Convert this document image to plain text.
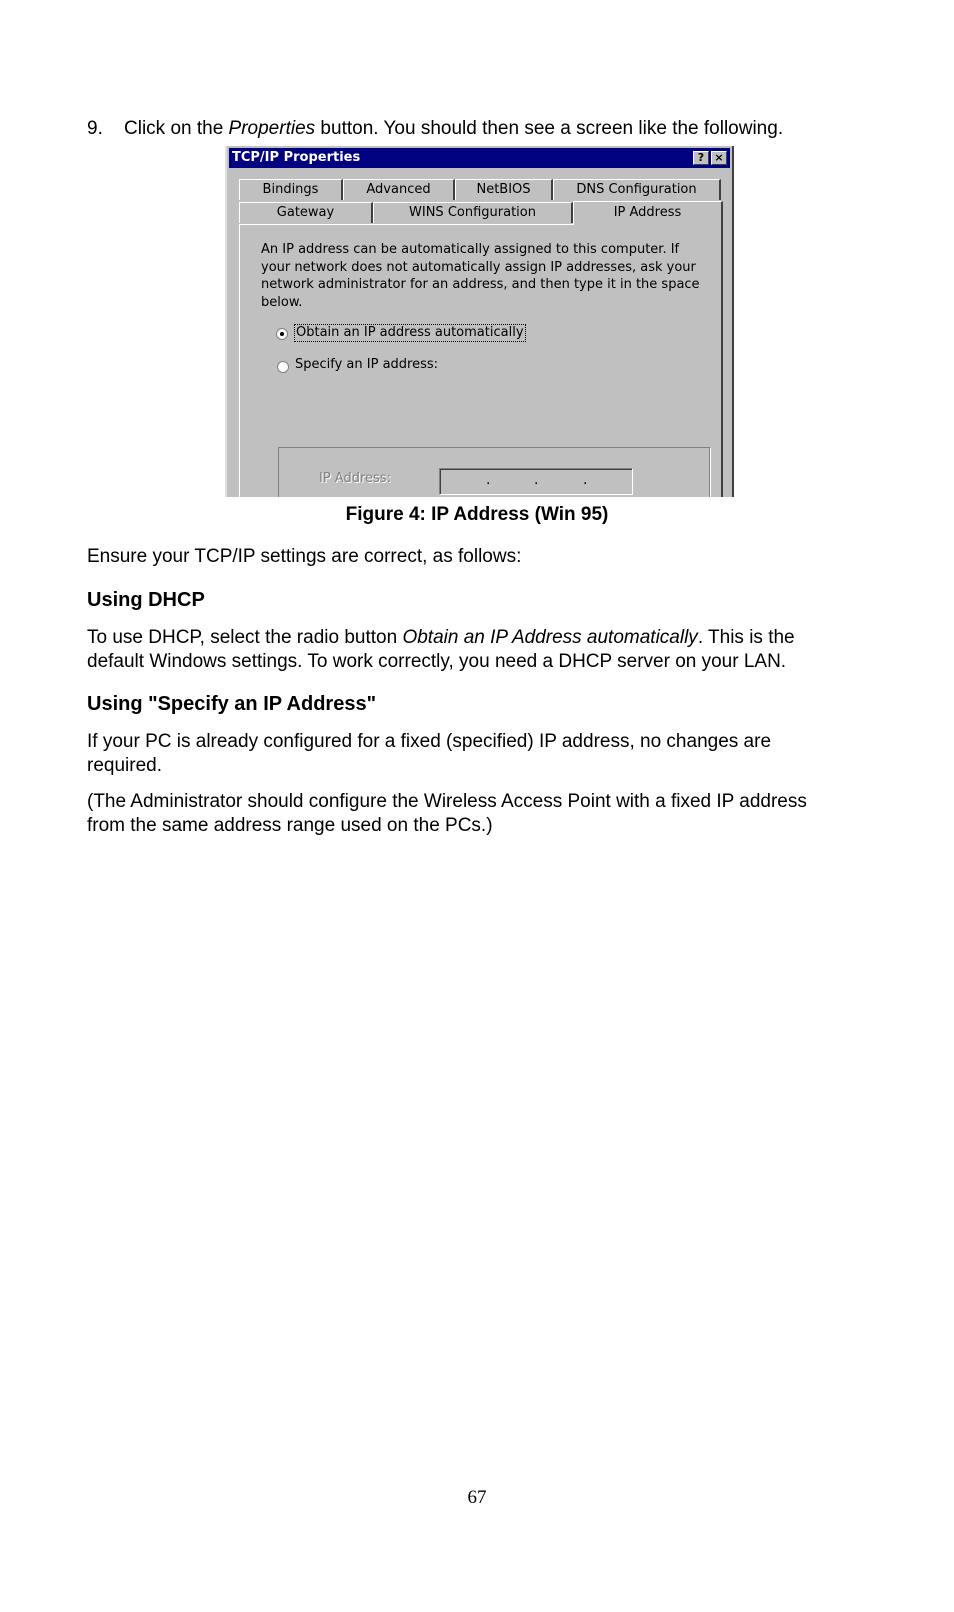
9. Click on the Properties button. You should then see a screen like the following.
TCP/IP Properties	? ×
Bindings	Advanced	NetBIOS	DNS Configuration
Gateway	WINS Configuration	IP Address
An IP address can be automatically assigned to this computer. If
your network does not automatically assign IP addresses, ask your
network administrator for an address, and then type it in the space
below.
Obtain an IP address automatically
IP Address:	.	.	.
Specify an IP address:
Figure 4: IP Address (Win 95)
Ensure your TCP/IP settings are correct, as follows:
Using DHCP
To use DHCP, select the radio button Obtain an IP Address automatically. This is the
default Windows settings. To work correctly, you need a DHCP server on your LAN.
Using "Specify an IP Address"
If your PC is already configured for a fixed (specified) IP address, no changes are
required.
(The Administrator should configure the Wireless Access Point with a fixed IP address
from the same address range used on the PCs.)
67
